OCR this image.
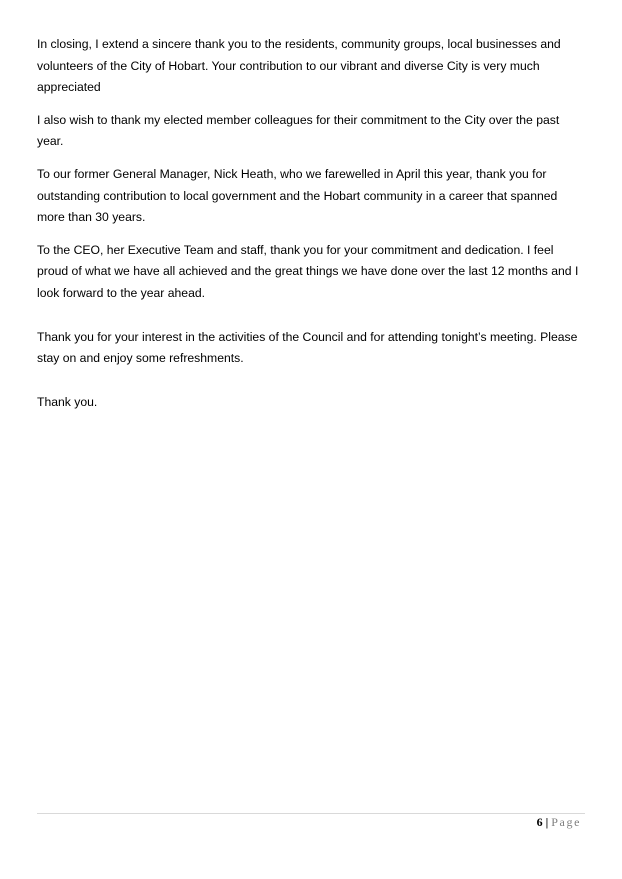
In closing, I extend a sincere thank you to the residents, community groups, local businesses and volunteers of the City of Hobart. Your contribution to our vibrant and diverse City is very much appreciated

I also wish to thank my elected member colleagues for their commitment to the City over the past year.

To our former General Manager, Nick Heath, who we farewelled in April this year, thank you for outstanding contribution to local government and the Hobart community in a career that spanned more than 30 years.

To the CEO, her Executive Team and staff, thank you for your commitment and dedication. I feel proud of what we have all achieved and the great things we have done over the last 12 months and I look forward to the year ahead.

Thank you for your interest in the activities of the Council and for attending tonight’s meeting. Please stay on and enjoy some refreshments.

Thank you.

6 | Page
